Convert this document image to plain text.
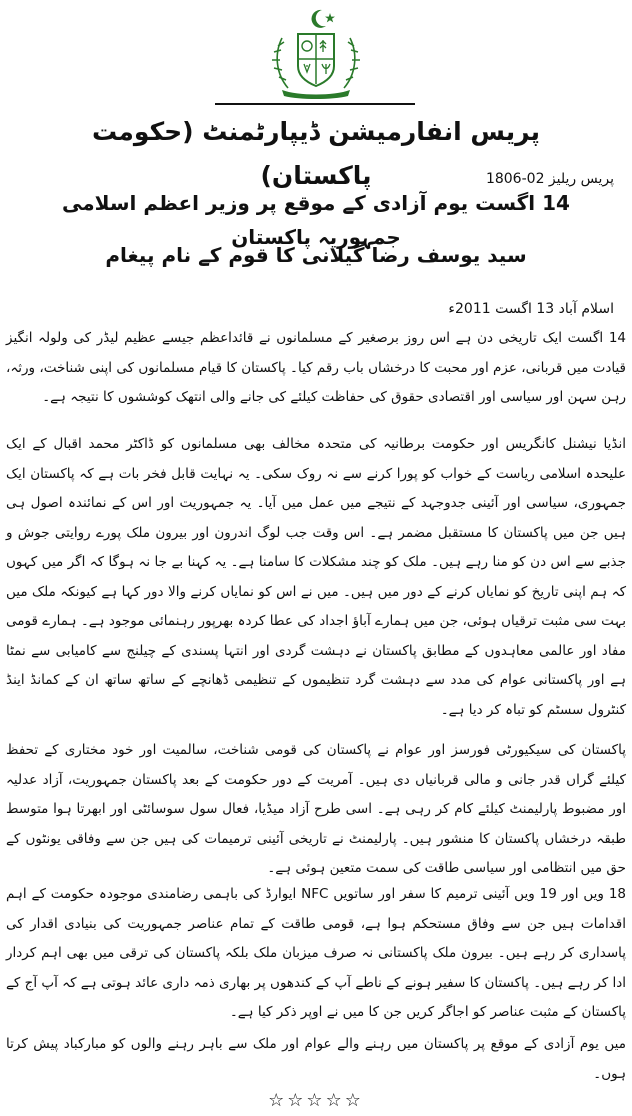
پریس انفارمیشن ڈیپارٹمنٹ (حکومت پاکستان)	پریس ریلیز 02-1806
14 اگست یوم آزادی کے موقع پر وزیر اعظم اسلامی جمہوریہ پاکستان
سید یوسف رضا گیلانی کا قوم کے نام پیغام
اسلام آباد 13 اگست 2011ء
14 اگست ایک تاریخی دن ہے اس روز برصغیر کے مسلمانوں نے قائداعظم جیسے عظیم لیڈر کی ولولہ انگیز قیادت میں قربانی، عزم اور محبت کا درخشاں باب رقم کیا۔ پاکستان کا قیام مسلمانوں کی اپنی شناخت، ورثہ، رہن سہن اور سیاسی اور اقتصادی حقوق کی حفاظت کیلئے کی جانے والی انتھک کوششوں کا نتیجہ ہے۔
انڈیا نیشنل کانگریس اور حکومت برطانیہ کی متحدہ مخالف بھی مسلمانوں کو ڈاکٹر محمد اقبال کے ایک علیحدہ اسلامی ریاست کے خواب کو پورا کرنے سے نہ روک سکی۔ یہ نہایت قابل فخر بات ہے کہ پاکستان ایک جمہوری، سیاسی اور آئینی جدوجہد کے نتیجے میں عمل میں آیا۔ یہ جمہوریت اور اس کے نمائندہ اصول ہی ہیں جن میں پاکستان کا مستقبل مضمر ہے۔ اس وقت جب لوگ اندرون اور بیرون ملک پورے روایتی جوش و جذبے سے اس دن کو منا رہے ہیں۔ ملک کو چند مشکلات کا سامنا ہے۔ یہ کہنا بے جا نہ ہوگا کہ اگر میں کہوں کہ ہم اپنی تاریخ کو نمایاں کرنے کے دور میں ہیں۔ میں نے اس کو نمایاں کرنے والا دور کہا ہے کیونکہ ملک میں بہت سی مثبت ترقیاں ہوئی، جن میں ہمارے آباؤ اجداد کی عطا کردہ بھرپور رہنمائی موجود ہے۔ ہمارے قومی مفاد اور عالمی معاہدوں کے مطابق پاکستان نے دہشت گردی اور انتہا پسندی کے چیلنج سے کامیابی سے نمٹا ہے اور پاکستانی عوام کی مدد سے دہشت گرد تنظیموں کے تنظیمی ڈھانچے کے ساتھ ساتھ ان کے کمانڈ اینڈ کنٹرول سسٹم کو تباہ کر دیا ہے۔
پاکستان کی سیکیورٹی فورسز اور عوام نے پاکستان کی قومی شناخت، سالمیت اور خود مختاری کے تحفظ کیلئے گراں قدر جانی و مالی قربانیاں دی ہیں۔ آمریت کے دور حکومت کے بعد پاکستان جمہوریت، آزاد عدلیہ اور مضبوط پارلیمنٹ کیلئے کام کر رہی ہے۔ اسی طرح آزاد میڈیا، فعال سول سوسائٹی اور ابھرتا ہوا متوسط طبقہ درخشاں پاکستان کا منشور ہیں۔ پارلیمنٹ نے تاریخی آئینی ترمیمات کی ہیں جن سے وفاقی یونٹوں کے حق میں انتظامی اور سیاسی طاقت کی سمت متعین ہوئی ہے۔
18 ویں اور 19 ویں آئینی ترمیم کا سفر اور ساتویں NFC ایوارڈ کی باہمی رضامندی موجودہ حکومت کے اہم اقدامات ہیں جن سے وفاق مستحکم ہوا ہے، قومی طاقت کے تمام عناصر جمہوریت کی بنیادی اقدار کی پاسداری کر رہے ہیں۔ بیرون ملک پاکستانی نہ صرف میزبان ملک بلکہ پاکستان کی ترقی میں بھی اہم کردار ادا کر رہے ہیں۔ پاکستان کا سفیر ہونے کے ناطے آپ کے کندھوں پر بھاری ذمہ داری عائد ہوتی ہے کہ آپ آج کے پاکستان کے مثبت عناصر کو اجاگر کریں جن کا میں نے اوپر ذکر کیا ہے۔
میں یوم آزادی کے موقع پر پاکستان میں رہنے والے عوام اور ملک سے باہر رہنے والوں کو مبارکباد پیش کرتا ہوں۔
☆☆☆☆☆
